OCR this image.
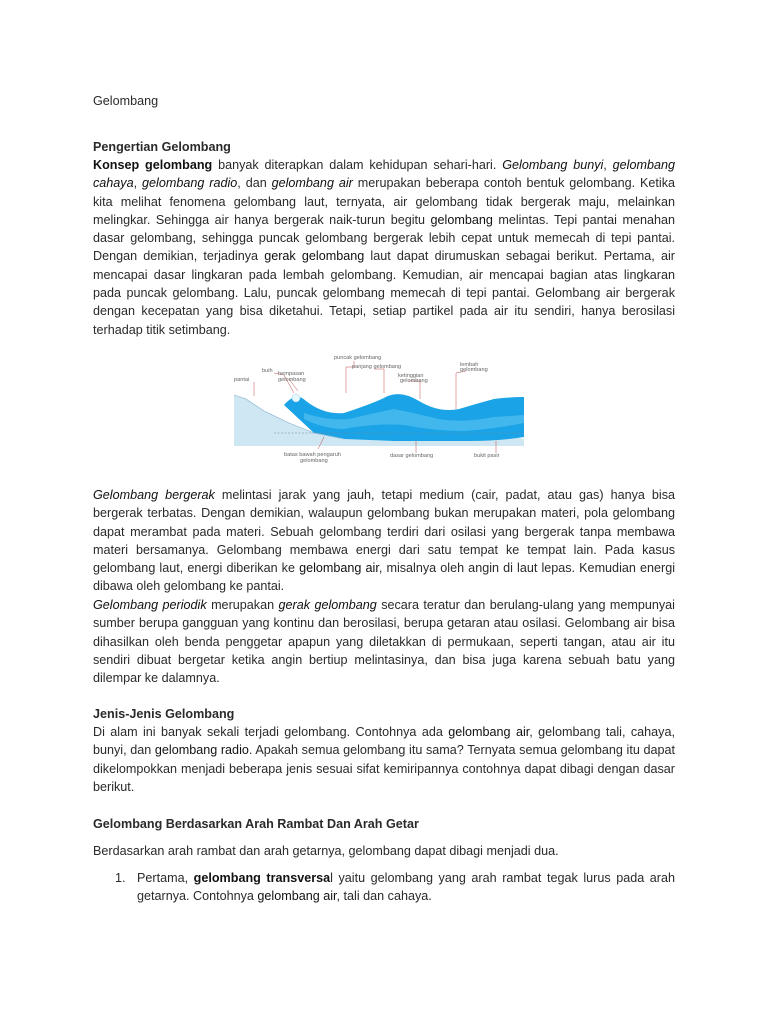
Gelombang
Pengertian Gelombang

Konsep gelombang banyak diterapkan dalam kehidupan sehari-hari. Gelombang bunyi, gelombang cahaya, gelombang radio, dan gelombang air merupakan beberapa contoh bentuk gelombang. Ketika kita melihat fenomena gelombang laut, ternyata, air gelombang tidak bergerak maju, melainkan melingkar. Sehingga air hanya bergerak naik-turun begitu gelombang melintas. Tepi pantai menahan dasar gelombang, sehingga puncak gelombang bergerak lebih cepat untuk memecah di tepi pantai. Dengan demikian, terjadinya gerak gelombang laut dapat dirumuskan sebagai berikut. Pertama, air mencapai dasar lingkaran pada lembah gelombang. Kemudian, air mencapai bagian atas lingkaran pada puncak gelombang. Lalu, puncak gelombang memecah di tepi pantai. Gelombang air bergerak dengan kecepatan yang bisa diketahui. Tetapi, setiap partikel pada air itu sendiri, hanya berosilasi terhadap titik setimbang.

puncak gelombang
buih hempasan
gelombang
pantai
panjang gelombang
ketinggian
gelombang
lembah
gelombang
batas bawah pengaruh
gelombang
dasar gelombang	bukit pasir

Gelombang bergerak melintasi jarak yang jauh, tetapi medium (cair, padat, atau gas) hanya bisa bergerak terbatas. Dengan demikian, walaupun gelombang bukan merupakan materi, pola gelombang dapat merambat pada materi. Sebuah gelombang terdiri dari osilasi yang bergerak tanpa membawa materi bersamanya. Gelombang membawa energi dari satu tempat ke tempat lain. Pada kasus gelombang laut, energi diberikan ke gelombang air, misalnya oleh angin di laut lepas. Kemudian energi dibawa oleh gelombang ke pantai.

Gelombang periodik merupakan gerak gelombang secara teratur dan berulang-ulang yang mempunyai sumber berupa gangguan yang kontinu dan berosilasi, berupa getaran atau osilasi. Gelombang air bisa dihasilkan oleh benda penggetar apapun yang diletakkan di permukaan, seperti tangan, atau air itu sendiri dibuat bergetar ketika angin bertiup melintasinya, dan bisa juga karena sebuah batu yang dilempar ke dalamnya.

Jenis-Jenis Gelombang

Di alam ini banyak sekali terjadi gelombang. Contohnya ada gelombang air, gelombang tali, cahaya, bunyi, dan gelombang radio. Apakah semua gelombang itu sama? Ternyata semua gelombang itu dapat dikelompokkan menjadi beberapa jenis sesuai sifat kemiripannya contohnya dapat dibagi dengan dasar berikut.

Gelombang Berdasarkan Arah Rambat Dan Arah Getar

Berdasarkan arah rambat dan arah getarnya, gelombang dapat dibagi menjadi dua.

1. Pertama, gelombang transversal yaitu gelombang yang arah rambat tegak lurus pada arah getarnya. Contohnya gelombang air, tali dan cahaya.
